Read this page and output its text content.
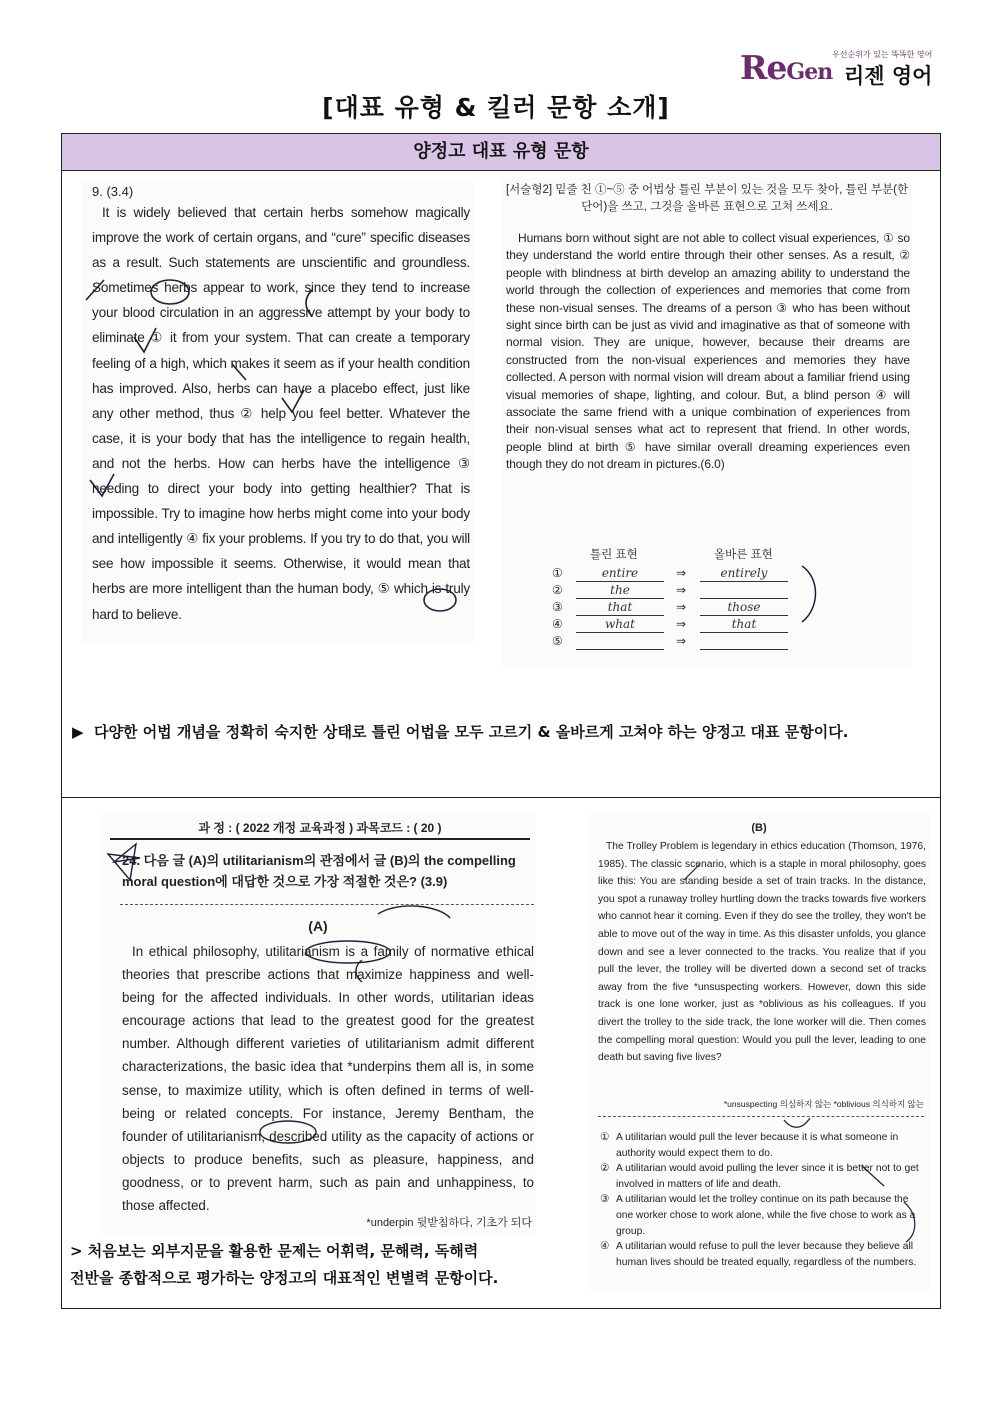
ReGen
우선순위가 있는 똑똑한 영어
리젠 영어
[대표 유형 & 킬러 문항 소개]
양정고 대표 유형 문항
9. (3.4)

It is widely believed that certain herbs somehow magically improve the work of certain organs, and “cure” specific diseases as a result. Such statements are unscientific and groundless. Sometimes herbs appear to work, since they tend to increase your blood circulation in an aggressive attempt by your body to eliminate ① it from your system. That can create a temporary feeling of a high, which makes it seem as if your health condition has improved. Also, herbs can have a placebo effect, just like any other method, thus ② help you feel better. Whatever the case, it is your body that has the intelligence to regain health, and not the herbs. How can herbs have the intelligence ③ needing to direct your body into getting healthier? That is impossible. Try to imagine how herbs might come into your body and intelligently ④ fix your problems. If you try to do that, you will see how impossible it seems. Otherwise, it would mean that herbs are more intelligent than the human body, ⑤ which is truly hard to believe.

[서술형2] 밑줄 친 ①~⑤ 중 어법상 틀린 부분이 있는 것을 모두 찾아, 틀린 부분(한 단어)을 쓰고, 그것을 올바른 표현으로 고쳐 쓰세요.

Humans born without sight are not able to collect visual experiences, ① so they understand the world entire through their other senses. As a result, ② people with blindness at birth develop an amazing ability to understand the world through the collection of experiences and memories that come from these non-visual senses. The dreams of a person ③ who has been without sight since birth can be just as vivid and imaginative as that of someone with normal vision. They are unique, however, because their dreams are constructed from the non-visual experiences and memories they have collected. A person with normal vision will dream about a familiar friend using visual memories of shape, lighting, and colour. But, a blind person ④ will associate the same friend with a unique combination of experiences from their non-visual senses what act to represent that friend. In other words, people blind at birth ⑤ have similar overall dreaming experiences even though they do not dream in pictures.(6.0)

틀린 표현	올바른 표현
①	entire	⇒	entirely
②	the	⇒
③	that	⇒	those
④	what	⇒	that
⑤	⇒
▶ 다양한 어법 개념을 정확히 숙지한 상태로 틀린 어법을 모두 고르기 & 올바르게 고쳐야 하는 양정고 대표 문항이다.
과 정 : ( 2022 개정 교육과정 ) 과목코드 : ( 20 )
24. 다음 글 (A)의 utilitarianism의 관점에서 글 (B)의 the compelling moral question에 대답한 것으로 가장 적절한 것은? (3.9)
(A)

In ethical philosophy, utilitarianism is a family of normative ethical theories that prescribe actions that maximize happiness and well-being for the affected individuals. In other words, utilitarian ideas encourage actions that lead to the greatest good for the greatest number. Although different varieties of utilitarianism admit different characterizations, the basic idea that *underpins them all is, in some sense, to maximize utility, which is often defined in terms of well-being or related concepts. For instance, Jeremy Bentham, the founder of utilitarianism, described utility as the capacity of actions or objects to produce benefits, such as pleasure, happiness, and goodness, or to prevent harm, such as pain and unhappiness, to those affected.

*underpin 뒷받침하다, 기초가 되다
> 처음보는 외부지문을 활용한 문제는 어휘력, 문해력, 독해력
전반을 종합적으로 평가하는 양정고의 대표적인 변별력 문항이다.
(B)

The Trolley Problem is legendary in ethics education (Thomson, 1976, 1985). The classic scenario, which is a staple in moral philosophy, goes like this: You are standing beside a set of train tracks. In the distance, you spot a runaway trolley hurtling down the tracks towards five workers who cannot hear it coming. Even if they do see the trolley, they won't be able to move out of the way in time. As this disaster unfolds, you glance down and see a lever connected to the tracks. You realize that if you pull the lever, the trolley will be diverted down a second set of tracks away from the five *unsuspecting workers. However, down this side track is one lone worker, just as *oblivious as his colleagues. If you divert the trolley to the side track, the lone worker will die. Then comes the compelling moral question: Would you pull the lever, leading to one death but saving five lives?

*unsuspecting 의심하지 않는 *oblivious 의식하지 않는
① A utilitarian would pull the lever because it is what someone in authority would expect them to do.
② A utilitarian would avoid pulling the lever since it is better not to get involved in matters of life and death.
③ A utilitarian would let the trolley continue on its path because the one worker chose to work alone, while the five chose to work as a group.
④ A utilitarian would refuse to pull the lever because they believe all human lives should be treated equally, regardless of the numbers.
